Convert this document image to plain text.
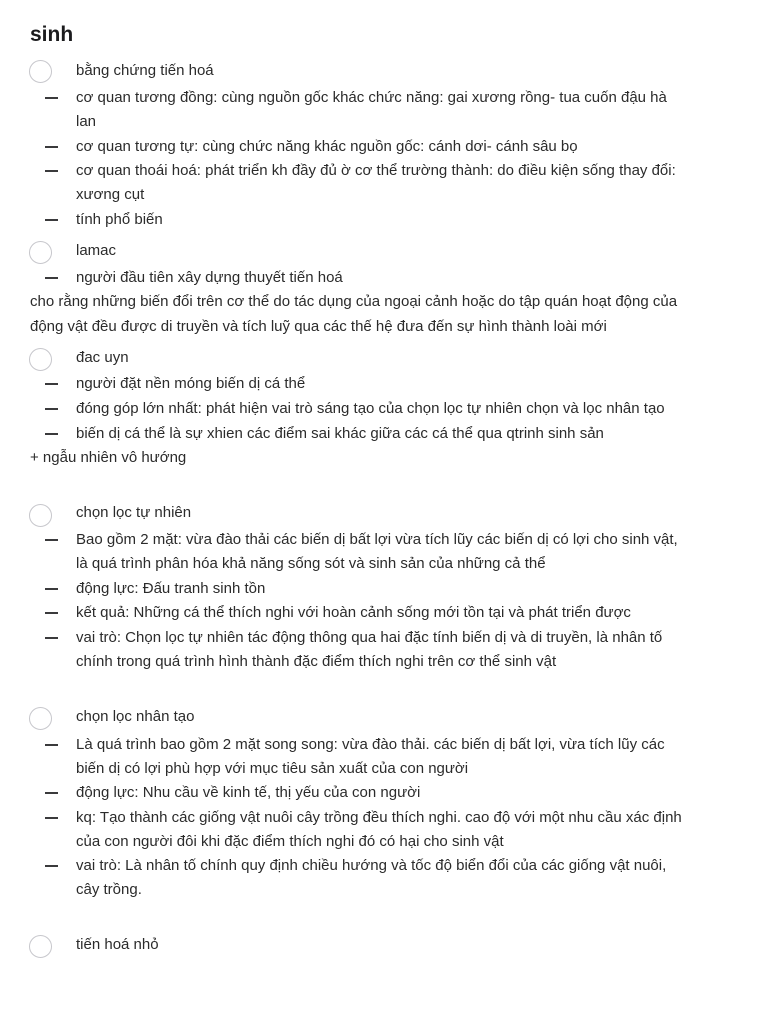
sinh
bằng chứng tiến hoá
cơ quan tương đồng: cùng nguồn gốc khác chức năng: gai xương rồng- tua cuốn đậu hà
lan
cơ quan tương tự: cùng chức năng khác nguồn gốc: cánh dơi- cánh sâu bọ
cơ quan thoái hoá: phát triển kh đầy đủ ờ cơ thể trường thành: do điều kiện sống thay đổi:
xương cụt
tính phổ biến
lamac
người đầu tiên xây dựng thuyết tiến hoá
cho rằng những biến đổi trên cơ thể do tác dụng của ngoại cảnh hoặc do tập quán hoạt động của
động vật đều được di truyền và tích luỹ qua các thế hệ đưa đến sự hình thành loài mới
đac uyn
người đặt nền móng biến dị cá thể
đóng góp lớn nhất: phát hiện vai trò sáng tạo của chọn lọc tự nhiên chọn và lọc nhân tạo
biến dị cá thể là sự xhien các điểm sai khác giữa các cá thể qua qtrinh sinh sản
+ ngẫu nhiên vô hướng
chọn lọc tự nhiên
Bao gồm 2 mặt: vừa đào thải các biến dị bất lợi vừa tích lũy các biến dị có lợi cho sinh vật,
là quá trình phân hóa khả năng sống sót và sinh sản của những cả thể
động lực: Đấu tranh sinh tồn
kết quả: Những cá thể thích nghi với hoàn cảnh sống mới tồn tại và phát triển được
vai trò: Chọn lọc tự nhiên tác động thông qua hai đặc tính biến dị và di truyền, là nhân tố
chính trong quá trình hình thành đặc điểm thích nghi trên cơ thể sinh vật
chọn lọc nhân tạo
Là quá trình bao gồm 2 mặt song song: vừa đào thải. các biến dị bất lợi, vừa tích lũy các
biến dị có lợi phù hợp với mục tiêu sản xuất của con người
động lực: Nhu cầu về kinh tế, thị yếu của con người
kq: Tạo thành các giống vật nuôi cây trồng đều thích nghi. cao độ với một nhu cầu xác định
của con người đôi khi đặc điểm thích nghi đó có hại cho sinh vật
vai trò: Là nhân tố chính quy định chiều hướng và tốc độ biển đổi của các giống vật nuôi,
cây trồng.
tiến hoá nhỏ
